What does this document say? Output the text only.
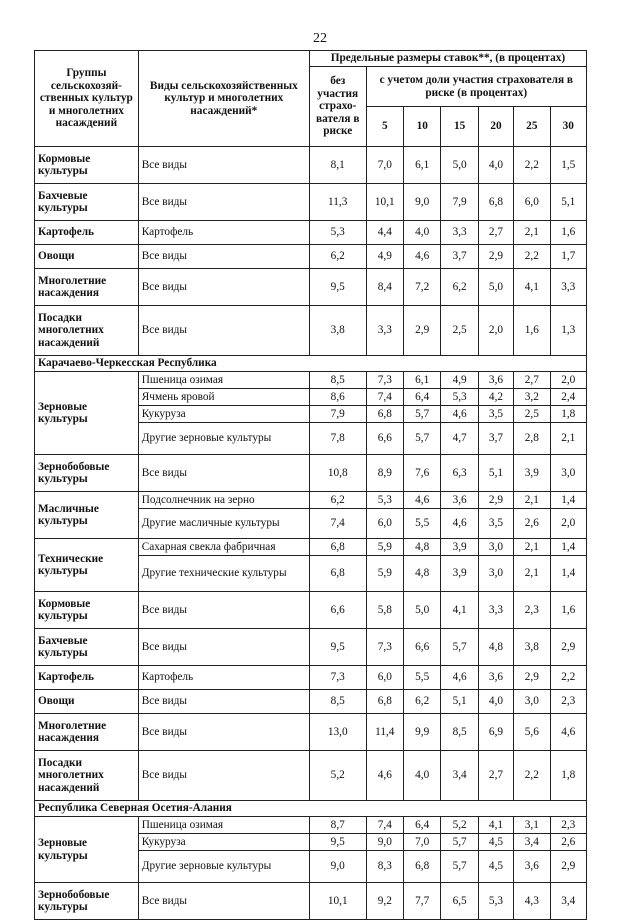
22
Группы сельскохозяй-ственных культур и многолетних насаждений	Виды сельскохозяйственных культур и многолетних насаждений*	Предельные размеры ставок**, (в процентах)						
		без участия страхо-вателя в риске	с учетом доли участия страхователя в риске (в процентах)					
			5	10	15	20	25	30
Кормовые культуры	Все виды	8,1	7,0	6,1	5,0	4,0	2,2	1,5
Бахчевые культуры	Все виды	11,3	10,1	9,0	7,9	6,8	6,0	5,1
Картофель	Картофель	5,3	4,4	4,0	3,3	2,7	2,1	1,6
Овощи	Все виды	6,2	4,9	4,6	3,7	2,9	2,2	1,7
Многолетние насаждения	Все виды	9,5	8,4	7,2	6,2	5,0	4,1	3,3
Посадки многолетних насаждений	Все виды	3,8	3,3	2,9	2,5	2,0	1,6	1,3
Карачаево-Черкесская Республика								
Зерновые культуры	Пшеница озимая	8,5	7,3	6,1	4,9	3,6	2,7	2,0
	Ячмень яровой	8,6	7,4	6,4	5,3	4,2	3,2	2,4
	Кукуруза	7,9	6,8	5,7	4,6	3,5	2,5	1,8
	Другие зерновые культуры	7,8	6,6	5,7	4,7	3,7	2,8	2,1
Зернобобовые культуры	Все виды	10,8	8,9	7,6	6,3	5,1	3,9	3,0
Масличные культуры	Подсолнечник на зерно	6,2	5,3	4,6	3,6	2,9	2,1	1,4
	Другие масличные культуры	7,4	6,0	5,5	4,6	3,5	2,6	2,0
Технические культуры	Сахарная свекла фабричная	6,8	5,9	4,8	3,9	3,0	2,1	1,4
	Другие технические культуры	6,8	5,9	4,8	3,9	3,0	2,1	1,4
Кормовые культуры	Все виды	6,6	5,8	5,0	4,1	3,3	2,3	1,6
Бахчевые культуры	Все виды	9,5	7,3	6,6	5,7	4,8	3,8	2,9
Картофель	Картофель	7,3	6,0	5,5	4,6	3,6	2,9	2,2
Овощи	Все виды	8,5	6,8	6,2	5,1	4,0	3,0	2,3
Многолетние насаждения	Все виды	13,0	11,4	9,9	8,5	6,9	5,6	4,6
Посадки многолетних насаждений	Все виды	5,2	4,6	4,0	3,4	2,7	2,2	1,8
Республика Северная Осетия-Алания								
Зерновые культуры	Пшеница озимая	8,7	7,4	6,4	5,2	4,1	3,1	2,3
	Кукуруза	9,5	9,0	7,0	5,7	4,5	3,4	2,6
	Другие зерновые культуры	9,0	8,3	6,8	5,7	4,5	3,6	2,9
Зернобобовые культуры	Все виды	10,1	9,2	7,7	6,5	5,3	4,3	3,4
